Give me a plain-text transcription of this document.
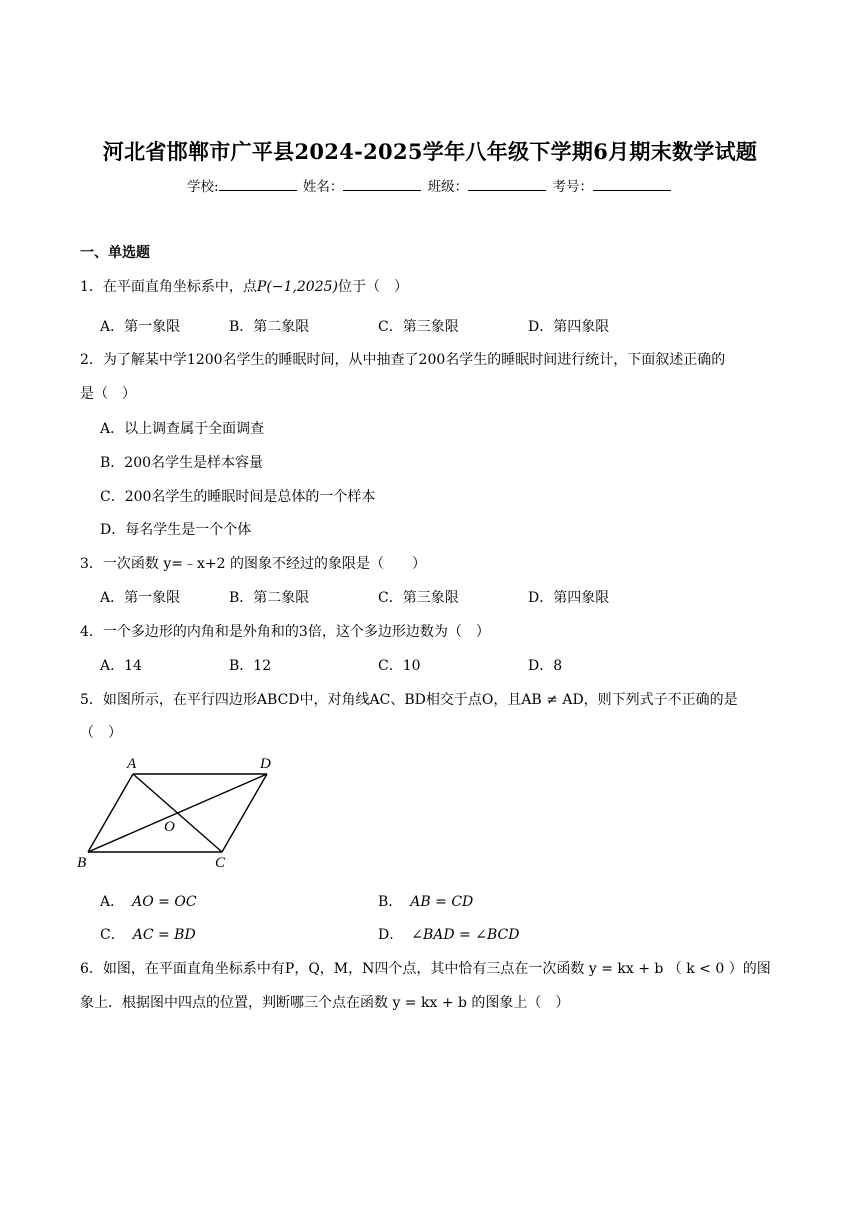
河北省邯郸市广平县2024-2025学年八年级下学期6月期末数学试题
学校:	姓名：	班级：	考号：
一、单选题
1．在平面直角坐标系中，点P(−1,2025)位于（　）
A．第一象限	B．第二象限	C．第三象限	D．第四象限
2．为了解某中学1200名学生的睡眠时间，从中抽查了200名学生的睡眠时间进行统计，下面叙述正确的
是（　）
A．以上调查属于全面调查
B．200名学生是样本容量
C．200名学生的睡眠时间是总体的一个样本
D．每名学生是一个个体
3．一次函数 y=﹣x+2 的图象不经过的象限是（　　）
A．第一象限	B．第二象限	C．第三象限	D．第四象限
4．一个多边形的内角和是外角和的3倍，这个多边形边数为（　）
A．14	B．12	C．10	D．8
5．如图所示，在平行四边形ABCD中，对角线AC、BD相交于点O，且AB ≠ AD，则下列式子不正确的是
（　）
A	D
B	C
O
A． AO = OC	B． AB = CD
C． AC = BD	D． ∠BAD = ∠BCD
6．如图，在平面直角坐标系中有P，Q，M，N四个点，其中恰有三点在一次函数 y = kx + b （ k < 0 ）的图
象上．根据图中四点的位置，判断哪三个点在函数 y = kx + b 的图象上（　）
